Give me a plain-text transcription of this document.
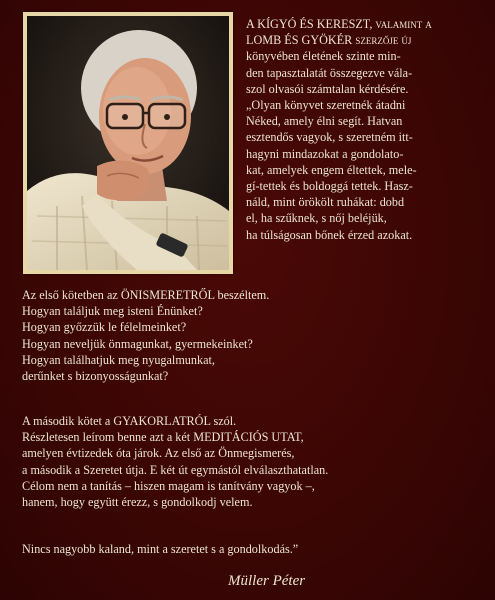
A KÍGYÓ ÉS KERESZT, valamint a
LOMB ÉS GYÖKÉR szerzője új
könyvében életének szinte min-
den tapasztalatát összegezve vála-
szol olvasói számtalan kérdésére.
„Olyan könyvet szeretnék átadni
Néked, amely élni segít. Hatvan
esztendős vagyok, s szeretném itt-
hagyni mindazokat a gondolato-
kat, amelyek engem éltettek, mele-
gí-tettek és boldoggá tettek. Hasz-
náld, mint örökölt ruhákat: dobd
el, ha szűknek, s nőj beléjük,
ha túlságosan bőnek érzed azokat.
Az első kötetben az ÖNISMERETRŐL beszéltem.
Hogyan találjuk meg isteni Énünket?
Hogyan győzzük le félelmeinket?
Hogyan neveljük önmagunkat, gyermekeinket?
Hogyan találhatjuk meg nyugalmunkat,
derűnket s bizonyosságunkat?
A második kötet a GYAKORLATRÓL szól.
Részletesen leírom benne azt a két MEDITÁCIÓS UTAT,
amelyen évtizedek óta járok. Az első az Önmegismerés,
a második a Szeretet útja. E két út egymástól elválaszthatatlan.
Célom nem a tanítás – hiszen magam is tanítvány vagyok –,
hanem, hogy együtt érezz, s gondolkodj velem.
Nincs nagyobb kaland, mint a szeretet s a gondolkodás.”
Müller Péter
